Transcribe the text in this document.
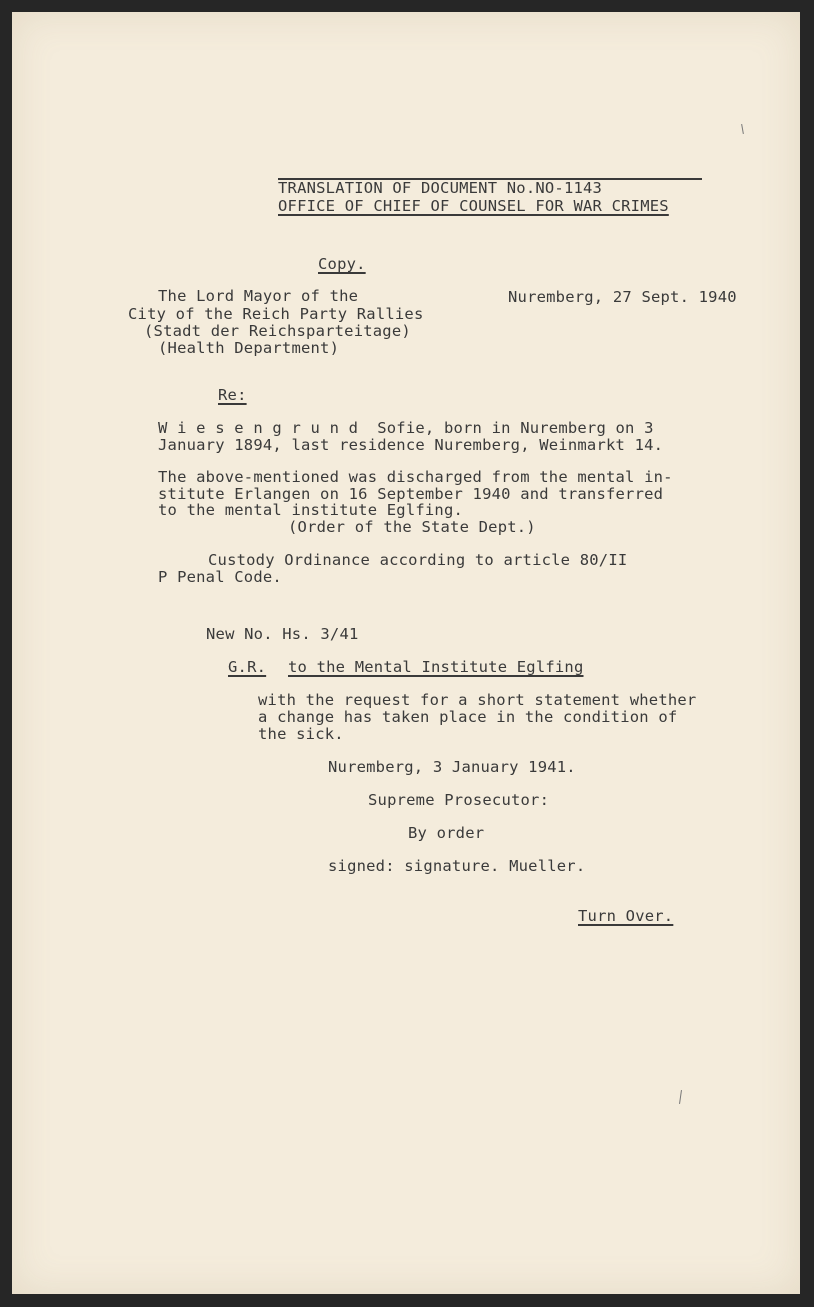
TRANSLATION OF DOCUMENT No.NO-1143
OFFICE OF CHIEF OF COUNSEL FOR WAR CRIMES
Copy.
The Lord Mayor of the
City of the Reich Party Rallies
(Stadt der Reichsparteitage)
(Health Department)
Nuremberg, 27 Sept. 1940
Re:
W i e s e n g r u n d  Sofie, born in Nuremberg on 3
January 1894, last residence Nuremberg, Weinmarkt 14.
The above-mentioned was discharged from the mental in-
stitute Erlangen on 16 September 1940 and transferred
to the mental institute Eglfing.
(Order of the State Dept.)
Custody Ordinance according to article 80/II
P Penal Code.
New No. Hs. 3/41
G.R. to the Mental Institute Eglfing
with the request for a short statement whether
a change has taken place in the condition of
the sick.
Nuremberg, 3 January 1941.
Supreme Prosecutor:
By order
signed: signature. Mueller.
Turn Over.
